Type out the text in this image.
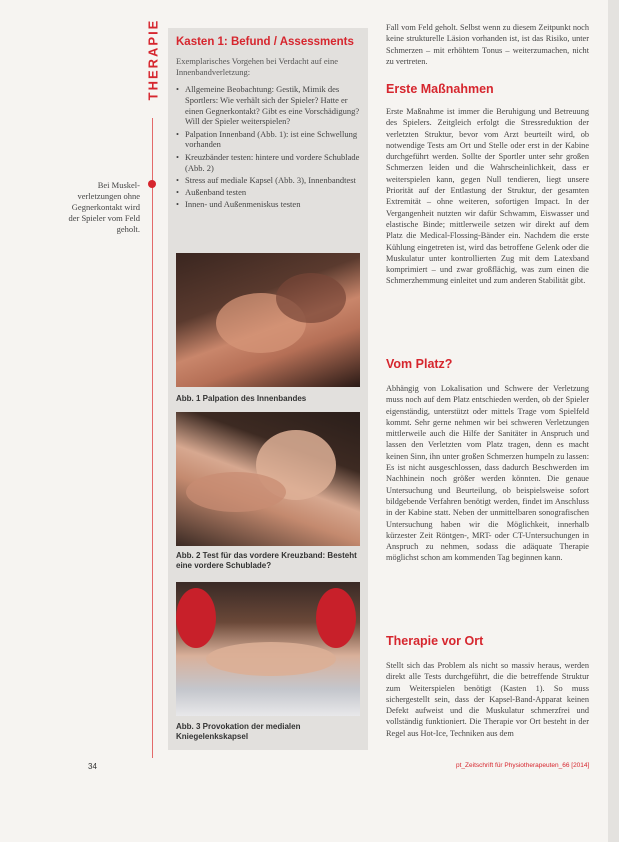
THERAPIE
Bei Muskel-verletzungen ohne Gegnerkontakt wird der Spieler vom Feld geholt.
Kasten 1: Befund / Assessments
Exemplarisches Vorgehen bei Verdacht auf eine Innenbandverletzung:
• Allgemeine Beobachtung: Gestik, Mimik des Sportlers: Wie verhält sich der Spieler? Hatte er einen Gegnerkontakt? Gibt es eine Vorschädigung? Will der Spieler weiterspielen?
• Palpation Innenband (Abb. 1): ist eine Schwellung vorhanden
• Kreuzbänder testen: hintere und vordere Schublade (Abb. 2)
• Stress auf mediale Kapsel (Abb. 3), Innenbandtest
• Außenband testen
• Innen- und Außenmeniskus testen
Abb. 1 Palpation des Innenbandes
Abb. 2 Test für das vordere Kreuzband: Besteht eine vordere Schublade?
Abb. 3 Provokation der medialen Kniegelenkskapsel
Fall vom Feld geholt. Selbst wenn zu diesem Zeitpunkt noch keine strukturelle Läsion vorhanden ist, ist das Risiko, unter Schmerzen – mit erhöhtem Tonus – weiterzumachen, nicht zu vertreten.
Erste Maßnahmen
Erste Maßnahme ist immer die Beruhigung und Betreuung des Spielers. Zeitgleich erfolgt die Stressreduktion der verletzten Struktur, bevor vom Arzt beurteilt wird, ob notwendige Tests am Ort und Stelle oder erst in der Kabine durchgeführt werden. Sollte der Sportler unter sehr großen Schmerzen leiden und die Wahrscheinlichkeit, dass er weiterspielen kann, gegen Null tendieren, liegt unsere Priorität auf der Entlastung der Struktur, der gesamten Extremität – ohne weiteren, sofortigen Impact. In der Vergangenheit nutzten wir dafür Schwamm, Eiswasser und elastische Binde; mittlerweile setzen wir direkt auf dem Platz die Medical-Flossing-Bänder ein. Nachdem die erste Kühlung eingetreten ist, wird das betroffene Gelenk oder die Muskulatur unter kontrollierten Zug mit dem Latexband komprimiert – und zwar großflächig, was zum einen die Schmerzhemmung einleitet und zum anderen Stabilität gibt.
Vom Platz?
Abhängig von Lokalisation und Schwere der Verletzung muss noch auf dem Platz entschieden werden, ob der Spieler eigenständig, unterstützt oder mittels Trage vom Spielfeld kommt. Sehr gerne nehmen wir bei schweren Verletzungen mittlerweile auch die Hilfe der Sanitäter in Anspruch und lassen den Verletzten vom Platz tragen, denn es macht keinen Sinn, ihn unter großen Schmerzen humpeln zu lassen: Es ist nicht ausgeschlossen, dass dadurch Beschwerden im Nachhinein noch größer werden könnten. Die genaue Untersuchung und Beurteilung, ob beispielsweise sofort bildgebende Verfahren benötigt werden, findet im Anschluss in der Kabine statt. Neben der unmittelbaren sonografischen Untersuchung haben wir die Möglichkeit, innerhalb kürzester Zeit Röntgen-, MRT- oder CT-Untersuchungen in Anspruch zu nehmen, sodass die adäquate Therapie möglichst schon am kommenden Tag beginnen kann.
Therapie vor Ort
Stellt sich das Problem als nicht so massiv heraus, werden direkt alle Tests durchgeführt, die die betreffende Struktur zum Weiterspielen benötigt (Kasten 1). So muss sichergestellt sein, dass der Kapsel-Band-Apparat keinen Defekt aufweist und die Muskulatur schmerzfrei und vollständig funktioniert. Die Therapie vor Ort besteht in der Regel aus Hot-Ice, Techniken aus dem
34	pt_Zeitschrift für Physiotherapeuten_66 [2014]
